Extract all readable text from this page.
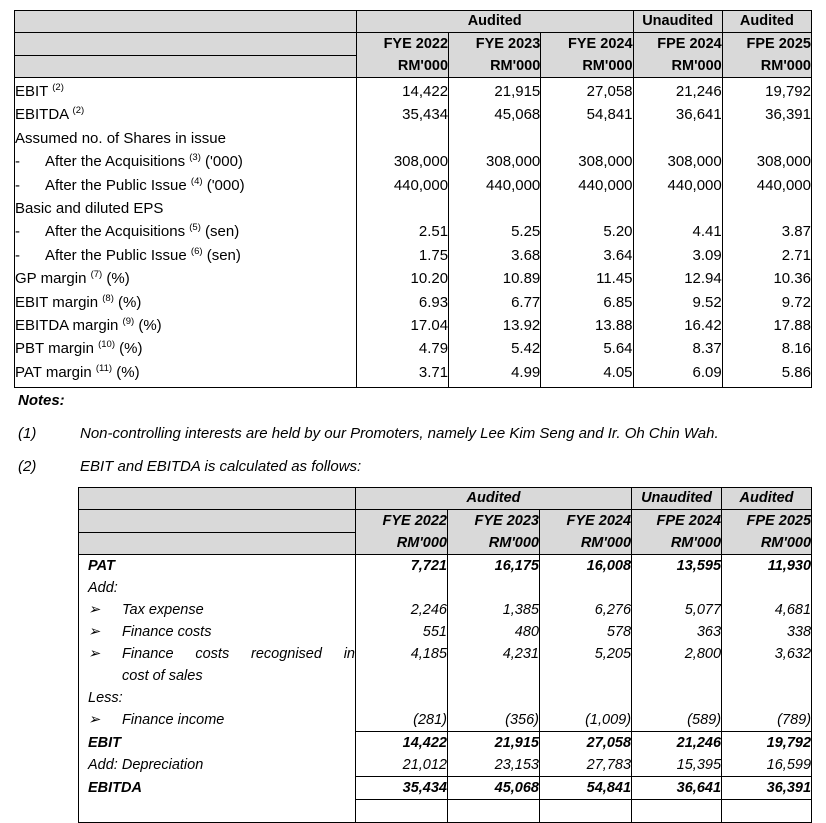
	Audited			Unaudited	Audited
	FYE 2022	FYE 2023	FYE 2024	FPE 2024	FPE 2025
	RM'000	RM'000	RM'000	RM'000	RM'000
EBIT $^{(2)}$	14,422	21,915	27,058	21,246	19,792
EBITDA $^{(2)}$	35,434	45,068	54,841	36,641	36,391
Assumed no. of Shares in issue					
- After the Acquisitions $^{(3)}$ ('000)	308,000	308,000	308,000	308,000	308,000
- After the Public Issue $^{(4)}$ ('000)	440,000	440,000	440,000	440,000	440,000
Basic and diluted EPS					
- After the Acquisitions $^{(5)}$ (sen)	2.51	5.25	5.20	4.41	3.87
- After the Public Issue $^{(6)}$ (sen)	1.75	3.68	3.64	3.09	2.71
GP margin $^{(7)}$ (%)	10.20	10.89	11.45	12.94	10.36
EBIT margin $^{(8)}$ (%)	6.93	6.77	6.85	9.52	9.72
EBITDA margin $^{(9)}$ (%)	17.04	13.92	13.88	16.42	17.88
PBT margin $^{(10)}$ (%)	4.79	5.42	5.64	8.37	8.16
PAT margin $^{(11)}$ (%)	3.71	4.99	4.05	6.09	5.86
Notes:
(1)	Non-controlling interests are held by our Promoters, namely Lee Kim Seng and Ir. Oh Chin Wah.
(2)	EBIT and EBITDA is calculated as follows:
	Audited			Unaudited	Audited
	FYE 2022	FYE 2023	FYE 2024	FPE 2024	FPE 2025
	RM'000	RM'000	RM'000	RM'000	RM'000
PAT	7,721	16,175	16,008	13,595	11,930
Add:					

➢ Tax expense	2,246	1,385	6,276	5,077	4,681

➢ Finance costs	551	480	578	363	338

➢ Finance costs recognised in
cost of sales	4,185	4,231	5,205	2,800	3,632
Less:					

➢ Finance income	(281)	(356)	(1,009)	(589)	(789)
EBIT	14,422	21,915	27,058	21,246	19,792
Add: Depreciation	21,012	23,153	27,783	15,395	16,599
EBITDA	35,434	45,068	54,841	36,641	36,391
